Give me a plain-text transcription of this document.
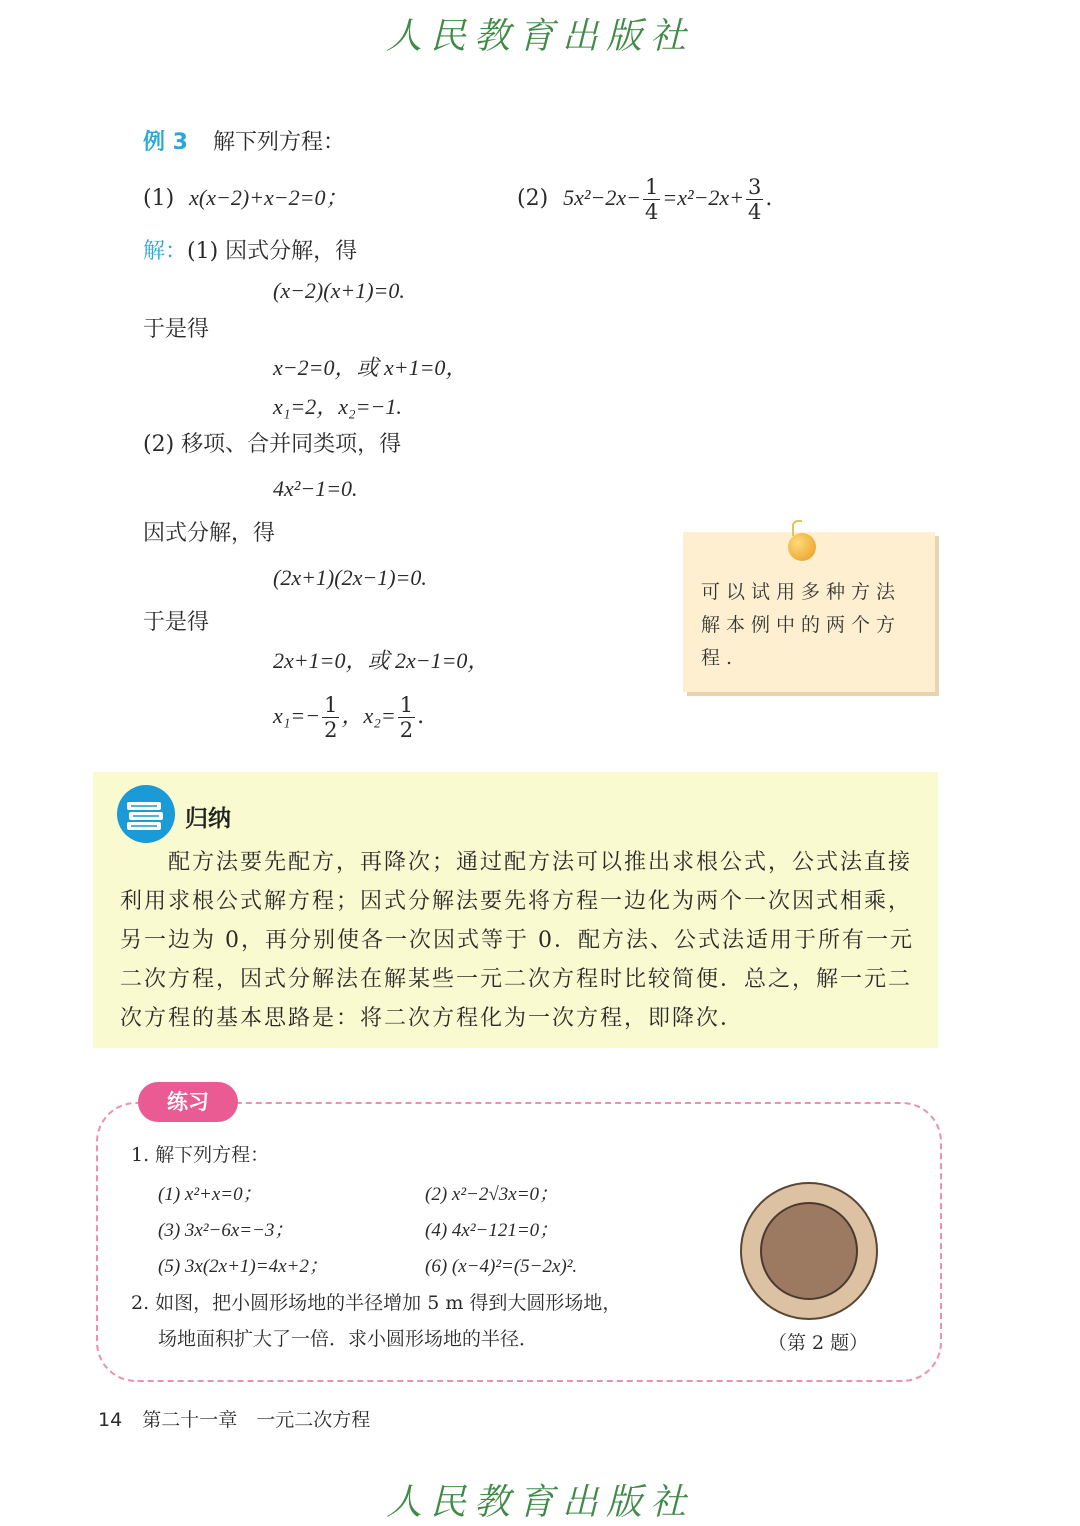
人民教育出版社
例 3 解下列方程：
(1) x(x−2)+x−2=0；	(2) $5x^2-2x- \frac{1}{4} =x^2-2x+ \frac{3}{4}$ .
解：(1) 因式分解，得
(x−2)(x+1)=0.
于是得
x−2=0，或 x+1=0，
x₁=2，x₂=−1.
(2) 移项、合并同类项，得
4x²−1=0.
因式分解，得
(2x+1)(2x−1)=0.
于是得
2x+1=0，或 2x−1=0，
$x_1=- \frac{1}{2}$ ，$x_2= \frac{1}{2}$ .
可以试用多种方法解本例中的两个方程.
归纳
配方法要先配方，再降次；通过配方法可以推出求根公式，公式法直接利用求根公式解方程；因式分解法要先将方程一边化为两个一次因式相乘，另一边为 0，再分别使各一次因式等于 0．配方法、公式法适用于所有一元二次方程，因式分解法在解某些一元二次方程时比较简便．总之，解一元二次方程的基本思路是：将二次方程化为一次方程，即降次．
练习
1. 解下列方程：
(1) x²+x=0；	(2) x²−2√3x=0；
(3) 3x²−6x=−3；	(4) 4x²−121=0；
(5) 3x(2x+1)=4x+2；	(6) (x−4)²=(5−2x)².
2. 如图，把小圆形场地的半径增加 5 m 得到大圆形场地，
场地面积扩大了一倍．求小圆形场地的半径．	（第 2 题）
14 第二十一章　一元二次方程
人民教育出版社
